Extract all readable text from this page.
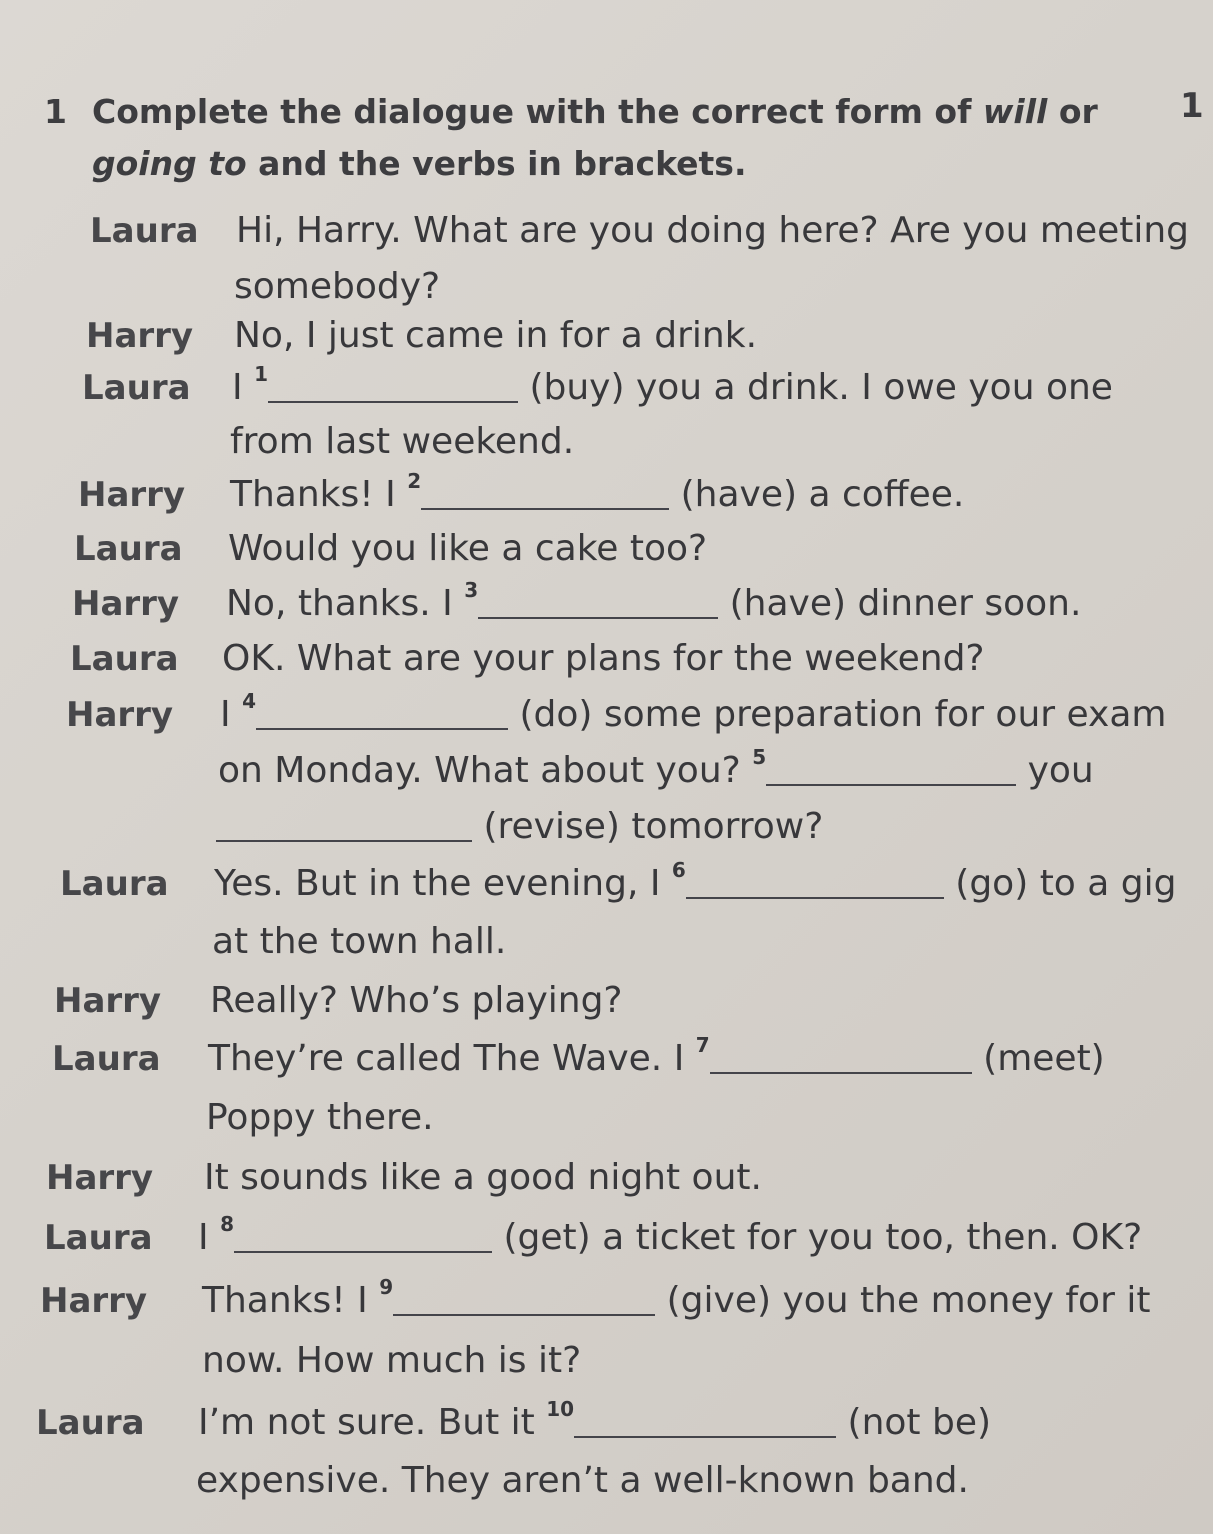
1
1 Complete the dialogue with the correct form of will or
going to and the verbs in brackets.
Laura Hi, Harry. What are you doing here? Are you meeting
somebody?
Harry No, I just came in for a drink.
Laura I $^1$	(buy) you a drink. I owe you one
from last weekend.
Harry Thanks! I $^2$	(have) a coffee.
Laura Would you like a cake too?
Harry No, thanks. I $^3$	(have) dinner soon.
Laura OK. What are your plans for the weekend?
Harry I $^4$	(do) some preparation for our exam
on Monday. What about you? $^5$	you
(revise) tomorrow?
Laura Yes. But in the evening, I $^6$	(go) to a gig
at the town hall.
Harry Really? Who’s playing?
Laura They’re called The Wave. I $^7$	(meet)
Poppy there.
Harry It sounds like a good night out.
Laura I $^8$	(get) a ticket for you too, then. OK?
Harry Thanks! I $^9$	(give) you the money for it
now. How much is it?
Laura I’m not sure. But it $^{10}$	(not be)
expensive. They aren’t a well-known band.
